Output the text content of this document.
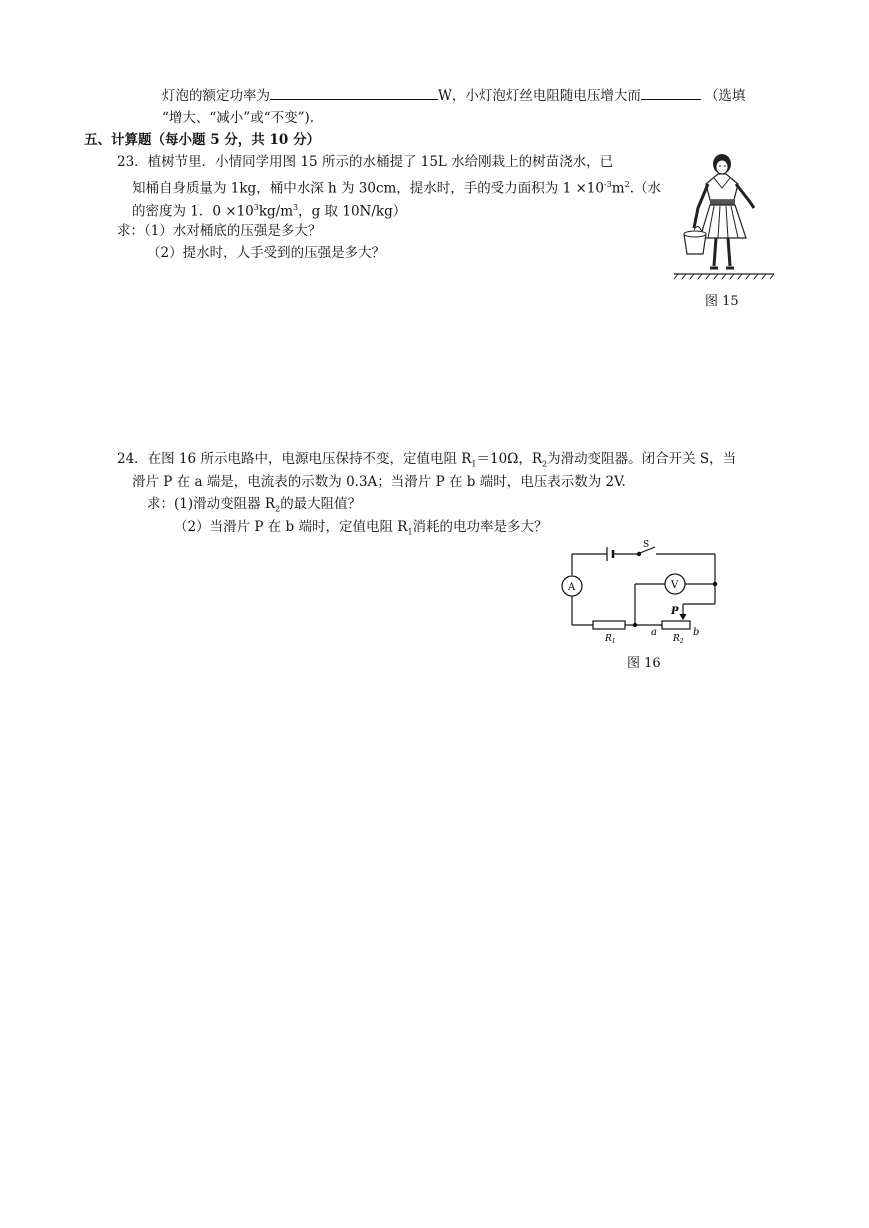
灯泡的额定功率为	W，小灯泡灯丝电阻随电压增大而	（选填
“增大、“减小”或“不变”).
五、计算题（每小题 5 分，共 10 分）
23．植树节里．小情同学用图 15 所示的水桶提了 15L 水给刚栽上的树苗浇水，已
知桶自身质量为 1kg，桶中水深 h 为 30cm，提水时，手的受力面积为 $1 \times 10^{-3}m^2$.（水
的密度为 1．$0 \times 10^3kg/m^3$，g 取 10N/kg）
求：（1）水对桶底的压强是多大？
（2）提水时，人手受到的压强是多大？
图 15
24．在图 16 所示电路中，电源电压保持不变，定值电阻 $R_1=10\Omega$，$R_2$为滑动变阻器。闭合开关 S，当
滑片 P 在 a 端是，电流表的示数为 0.3A；当滑片 P 在 b 端时，电压表示数为 2V.
求：(1)滑动变阻器 $R_2$的最大阻值？
（2）当滑片 P 在 b 端时，定值电阻 $R_1$消耗的电功率是多大？
S
A	V
P
a	b
$R_1$	$R_2$
图 16
